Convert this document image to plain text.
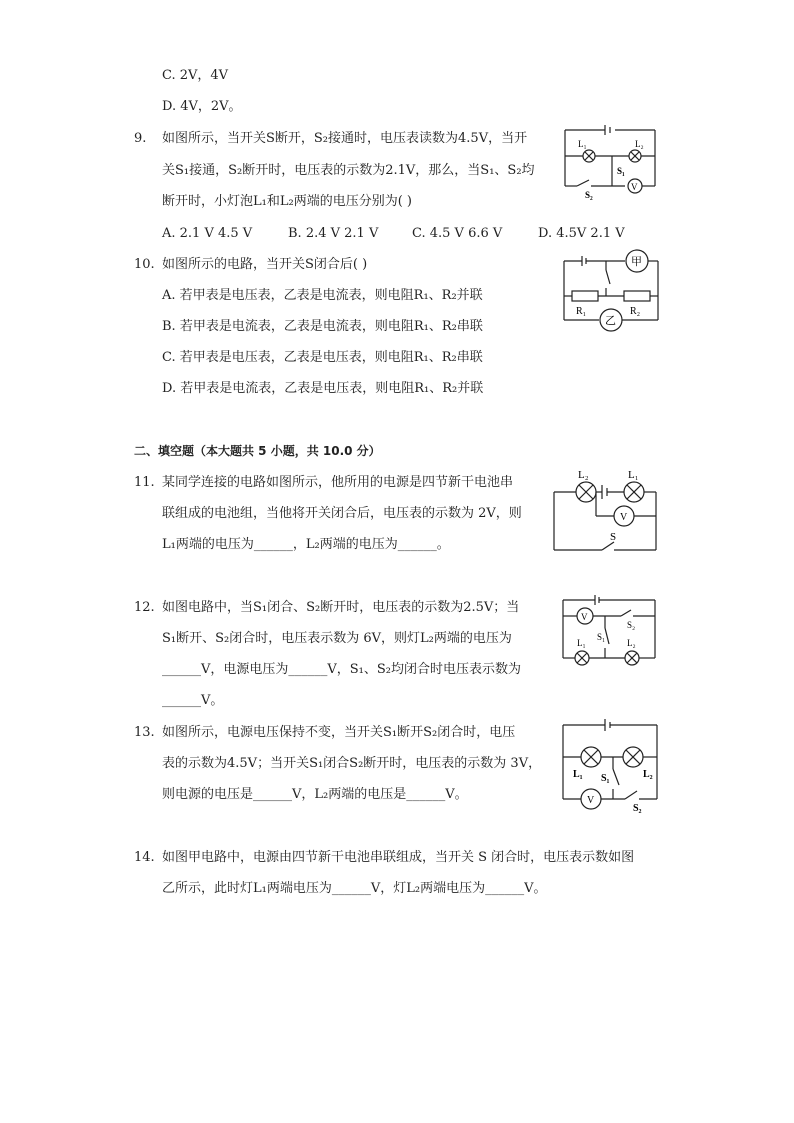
C. 2V，4V
D. 4V，2V。
9. 如图所示，当开关S断开，S₂接通时，电压表读数为4.5V，当开
关S₁接通，S₂断开时，电压表的示数为2.1V，那么，当S₁、S₂均
断开时，小灯泡L₁和L₂两端的电压分别为( )
A. 2.1 V 4.5 V	B. 2.4 V 2.1 V	C. 4.5 V 6.6 V	D. 4.5V 2.1 V
L₁	L₂
S₁
S₂
V
10. 如图所示的电路，当开关S闭合后( )
A. 若甲表是电压表，乙表是电流表，则电阻R₁、R₂并联
B. 若甲表是电流表，乙表是电流表，则电阻R₁、R₂串联
C. 若甲表是电压表，乙表是电压表，则电阻R₁、R₂串联
D. 若甲表是电流表，乙表是电压表，则电阻R₁、R₂并联
甲
乙
R₁	R₂
二、填空题（本大题共 5 小题，共 10.0 分）
11. 某同学连接的电路如图所示，他所用的电源是四节新干电池串
联组成的电池组，当他将开关闭合后，电压表的示数为 2V，则
L₁两端的电压为______，L₂两端的电压为______。
L₂	L₁
V
S
12. 如图电路中，当S₁闭合、S₂断开时，电压表的示数为2.5V；当
S₁断开、S₂闭合时，电压表示数为 6V，则灯L₂两端的电压为
______V，电源电压为______V，S₁、S₂均闭合时电压表示数为
______V。
V
L₁	L₂
S₁
S₂
13. 如图所示，电源电压保持不变，当开关S₁断开S₂闭合时，电压
表的示数为4.5V；当开关S₁闭合S₂断开时，电压表的示数为 3V，
则电源的电压是______V，L₂两端的电压是______V。
L₁	L₂
S₁
S₂
V
14. 如图甲电路中，电源由四节新干电池串联组成，当开关 S 闭合时，电压表示数如图
乙所示，此时灯L₁两端电压为______V，灯L₂两端电压为______V。
